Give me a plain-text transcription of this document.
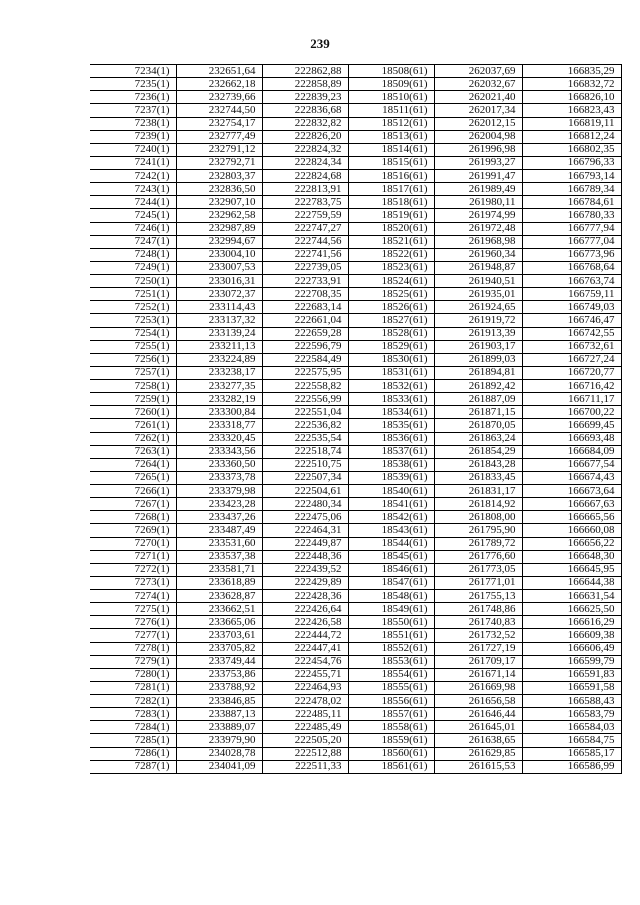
239
7234(1)	232651,64	222862,88	18508(61)	262037,69	166835,29
7235(1)	232662,18	222858,89	18509(61)	262032,67	166832,72
7236(1)	232739,66	222839,23	18510(61)	262021,40	166826,10
7237(1)	232744,50	222836,68	18511(61)	262017,34	166823,43
7238(1)	232754,17	222832,82	18512(61)	262012,15	166819,11
7239(1)	232777,49	222826,20	18513(61)	262004,98	166812,24
7240(1)	232791,12	222824,32	18514(61)	261996,98	166802,35
7241(1)	232792,71	222824,34	18515(61)	261993,27	166796,33
7242(1)	232803,37	222824,68	18516(61)	261991,47	166793,14
7243(1)	232836,50	222813,91	18517(61)	261989,49	166789,34
7244(1)	232907,10	222783,75	18518(61)	261980,11	166784,61
7245(1)	232962,58	222759,59	18519(61)	261974,99	166780,33
7246(1)	232987,89	222747,27	18520(61)	261972,48	166777,94
7247(1)	232994,67	222744,56	18521(61)	261968,98	166777,04
7248(1)	233004,10	222741,56	18522(61)	261960,34	166773,96
7249(1)	233007,53	222739,05	18523(61)	261948,87	166768,64
7250(1)	233016,31	222733,91	18524(61)	261940,51	166763,74
7251(1)	233072,37	222708,35	18525(61)	261935,01	166759,11
7252(1)	233114,43	222683,14	18526(61)	261924,65	166749,03
7253(1)	233137,32	222661,04	18527(61)	261919,72	166746,47
7254(1)	233139,24	222659,28	18528(61)	261913,39	166742,55
7255(1)	233211,13	222596,79	18529(61)	261903,17	166732,61
7256(1)	233224,89	222584,49	18530(61)	261899,03	166727,24
7257(1)	233238,17	222575,95	18531(61)	261894,81	166720,77
7258(1)	233277,35	222558,82	18532(61)	261892,42	166716,42
7259(1)	233282,19	222556,99	18533(61)	261887,09	166711,17
7260(1)	233300,84	222551,04	18534(61)	261871,15	166700,22
7261(1)	233318,77	222536,82	18535(61)	261870,05	166699,45
7262(1)	233320,45	222535,54	18536(61)	261863,24	166693,48
7263(1)	233343,56	222518,74	18537(61)	261854,29	166684,09
7264(1)	233360,50	222510,75	18538(61)	261843,28	166677,54
7265(1)	233373,78	222507,34	18539(61)	261833,45	166674,43
7266(1)	233379,98	222504,61	18540(61)	261831,17	166673,64
7267(1)	233423,28	222480,34	18541(61)	261814,92	166667,63
7268(1)	233437,26	222475,06	18542(61)	261808,00	166665,56
7269(1)	233487,49	222464,31	18543(61)	261795,90	166660,08
7270(1)	233531,60	222449,87	18544(61)	261789,72	166656,22
7271(1)	233537,38	222448,36	18545(61)	261776,60	166648,30
7272(1)	233581,71	222439,52	18546(61)	261773,05	166645,95
7273(1)	233618,89	222429,89	18547(61)	261771,01	166644,38
7274(1)	233628,87	222428,36	18548(61)	261755,13	166631,54
7275(1)	233662,51	222426,64	18549(61)	261748,86	166625,50
7276(1)	233665,06	222426,58	18550(61)	261740,83	166616,29
7277(1)	233703,61	222444,72	18551(61)	261732,52	166609,38
7278(1)	233705,82	222447,41	18552(61)	261727,19	166606,49
7279(1)	233749,44	222454,76	18553(61)	261709,17	166599,79
7280(1)	233753,86	222455,71	18554(61)	261671,14	166591,83
7281(1)	233788,92	222464,93	18555(61)	261669,98	166591,58
7282(1)	233846,85	222478,02	18556(61)	261656,58	166588,43
7283(1)	233887,13	222485,11	18557(61)	261646,44	166583,79
7284(1)	233889,07	222485,49	18558(61)	261645,01	166584,03
7285(1)	233979,90	222505,20	18559(61)	261638,65	166584,75
7286(1)	234028,78	222512,88	18560(61)	261629,85	166585,17
7287(1)	234041,09	222511,33	18561(61)	261615,53	166586,99
